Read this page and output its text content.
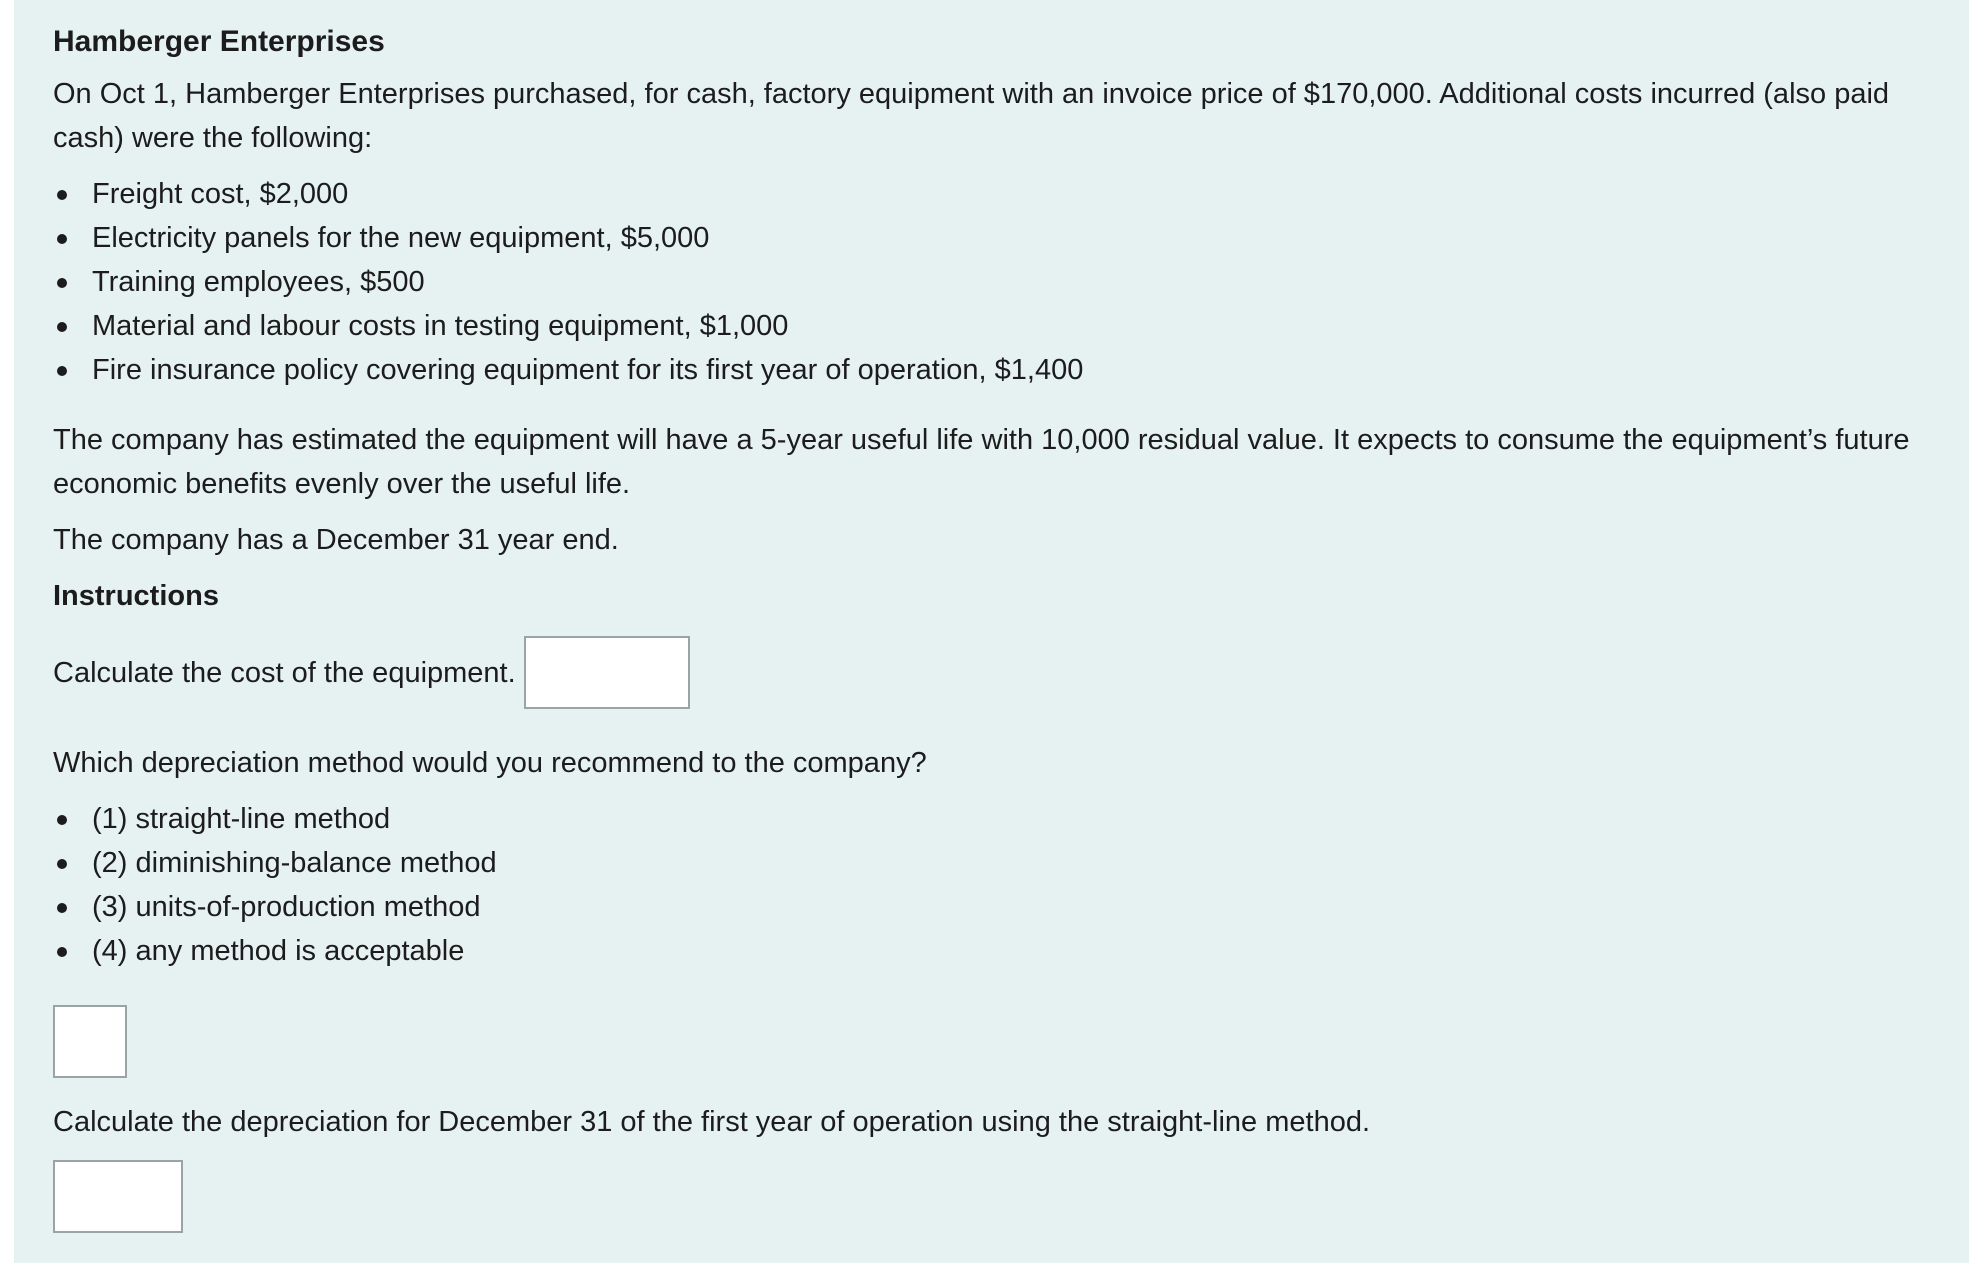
Hamberger Enterprises

On Oct 1, Hamberger Enterprises purchased, for cash, factory equipment with an invoice price of $170,000. Additional costs incurred (also paid cash) were the following:

Freight cost, $2,000
Electricity panels for the new equipment, $5,000
Training employees, $500
Material and labour costs in testing equipment, $1,000
Fire insurance policy covering equipment for its first year of operation, $1,400

The company has estimated the equipment will have a 5-year useful life with 10,000 residual value. It expects to consume the equipment’s future economic benefits evenly over the useful life.

The company has a December 31 year end.

Instructions
Calculate the cost of the equipment.

Which depreciation method would you recommend to the company?

(1) straight-line method
(2) diminishing-balance method
(3) units-of-production method
(4) any method is acceptable

Calculate the depreciation for December 31 of the first year of operation using the straight-line method.
